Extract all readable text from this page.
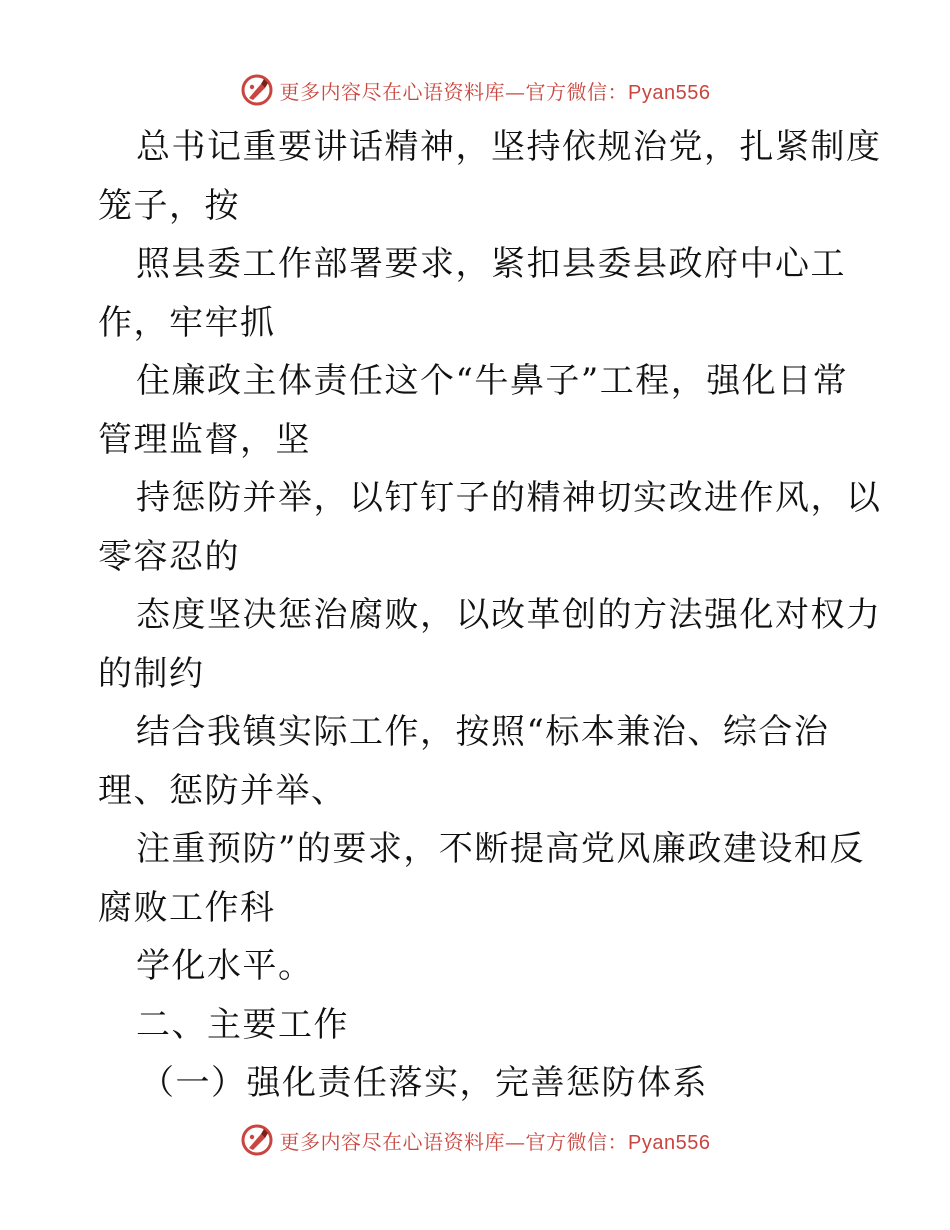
更多内容尽在心语资料库—官方微信：Pyan556
总书记重要讲话精神，坚持依规治党，扎紧制度
笼子，按
照县委工作部署要求，紧扣县委县政府中心工
作，牢牢抓
住廉政主体责任这个“牛鼻子”工程，强化日常
管理监督，坚
持惩防并举，以钉钉子的精神切实改进作风，以
零容忍的
态度坚决惩治腐败，以改革创的方法强化对权力
的制约
结合我镇实际工作，按照“标本兼治、综合治
理、惩防并举、
注重预防”的要求，不断提高党风廉政建设和反
腐败工作科
学化水平。
二、主要工作
（一）强化责任落实，完善惩防体系
更多内容尽在心语资料库—官方微信：Pyan556
